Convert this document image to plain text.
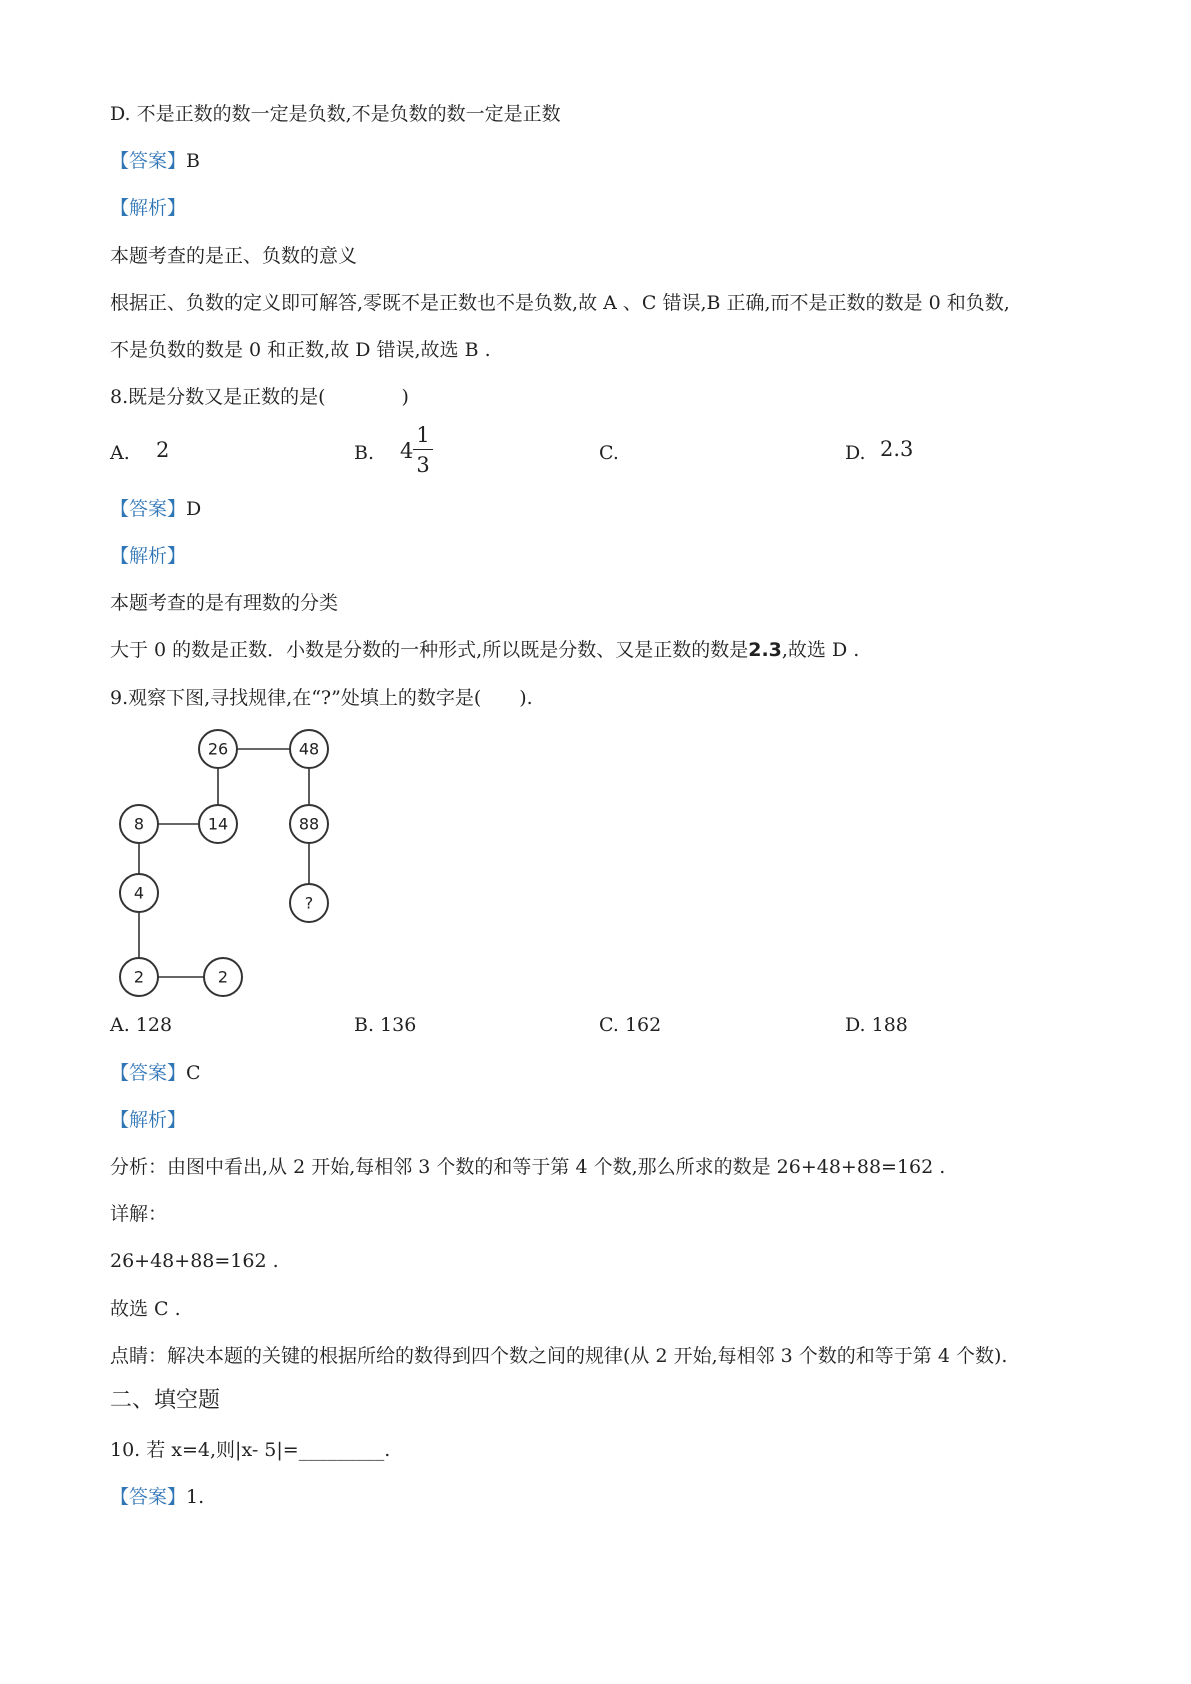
D. 不是正数的数一定是负数,不是负数的数一定是正数
【答案】B
【解析】
本题考查的是正、负数的意义
根据正、负数的定义即可解答,零既不是正数也不是负数,故 A 、C 错误,B 正确,而不是正数的数是 0 和负数,
不是负数的数是 0 和正数,故 D 错误,故选 B .
8.既是分数又是正数的是(　　　　)
A. 2	B. 4
1
3	C.	D. 2.3
【答案】D
【解析】
本题考查的是有理数的分类
大于 0 的数是正数．小数是分数的一种形式,所以既是分数、又是正数的数是2.3,故选 D .
9.观察下图,寻找规律,在“?”处填上的数字是(　　).
26	48
8	14	88
4
?
2	2
A. 128	B. 136	C. 162	D. 188
【答案】C
【解析】
分析：由图中看出,从 2 开始,每相邻 3 个数的和等于第 4 个数,那么所求的数是 26+48+88=162 .
详解：
26+48+88=162 .
故选 C .
点睛：解决本题的关键的根据所给的数得到四个数之间的规律(从 2 开始,每相邻 3 个数的和等于第 4 个数).
二、填空题
10. 若 x=4,则|x- 5|=_________.
【答案】1.
